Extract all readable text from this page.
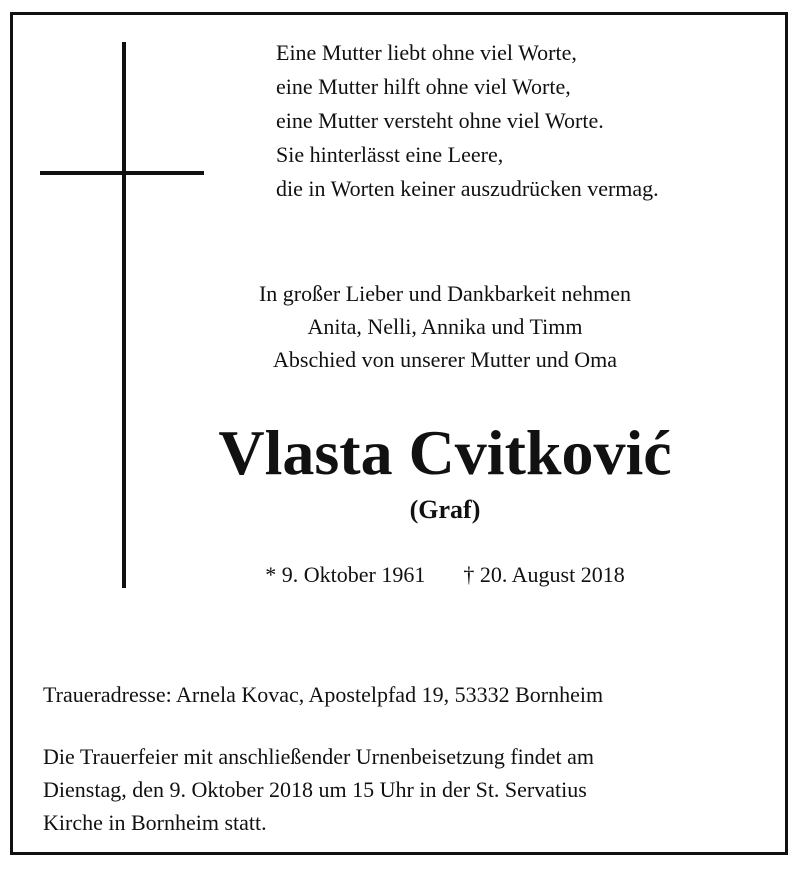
Eine Mutter liebt ohne viel Worte,
eine Mutter hilft ohne viel Worte,
eine Mutter versteht ohne viel Worte.
Sie hinterlässt eine Leere,
die in Worten keiner auszudrücken vermag.
In großer Lieber und Dankbarkeit nehmen
Anita, Nelli, Annika und Timm
Abschied von unserer Mutter und Oma
Vlasta Cvitković
(Graf)
* 9. Oktober 1961 † 20. August 2018
Traueradresse: Arnela Kovac, Apostelpfad 19, 53332 Bornheim
Die Trauerfeier mit anschließender Urnenbeisetzung findet am
Dienstag, den 9. Oktober 2018 um 15 Uhr in der St. Servatius
Kirche in Bornheim statt.
